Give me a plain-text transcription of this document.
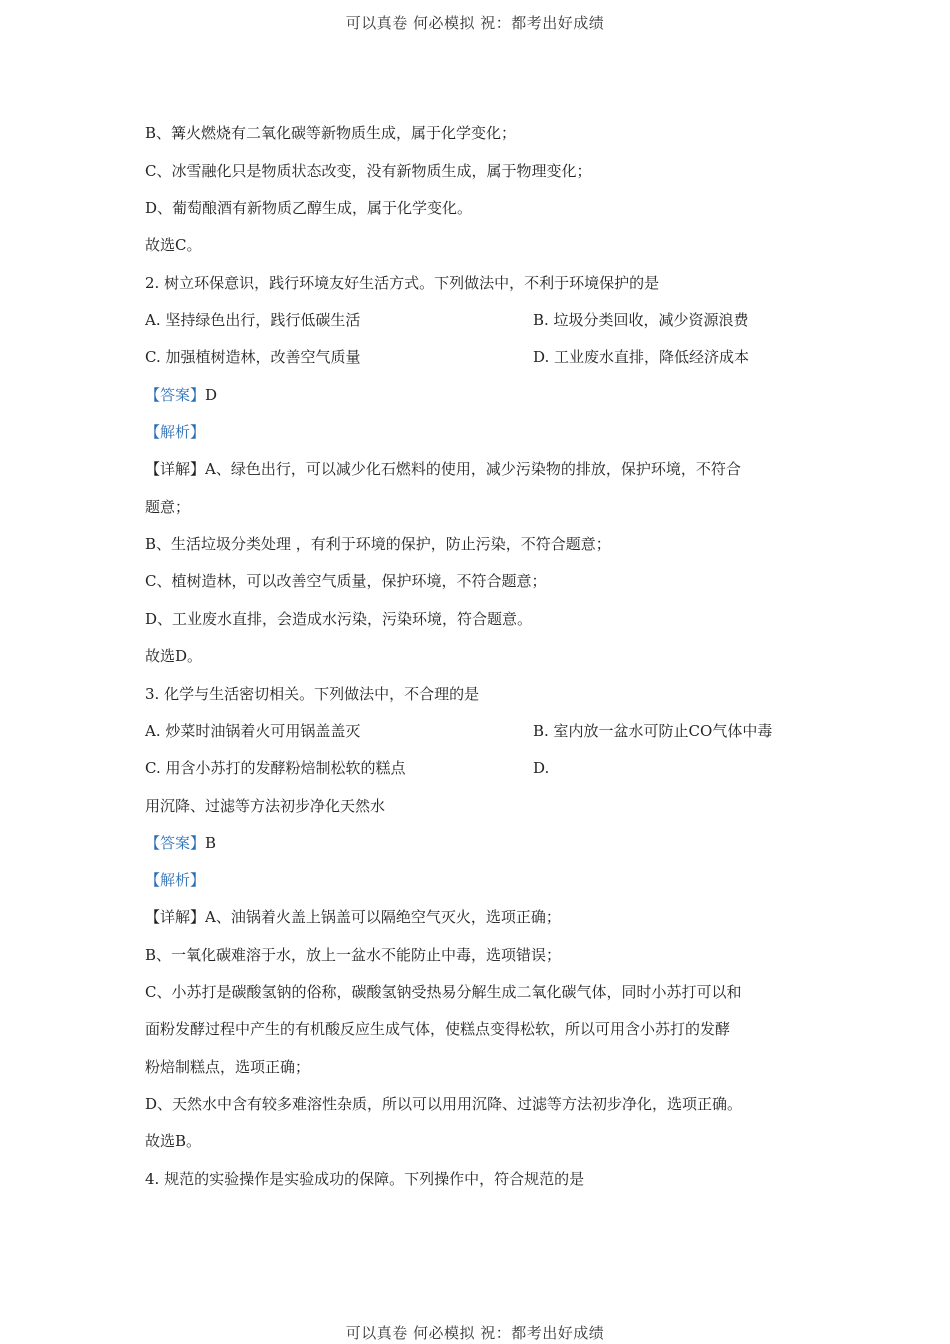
可以真卷 何必模拟 祝：都考出好成绩
B、篝火燃烧有二氧化碳等新物质生成，属于化学变化；
C、冰雪融化只是物质状态改变，没有新物质生成，属于物理变化；
D、葡萄酿酒有新物质乙醇生成，属于化学变化。
故选C。
2. 树立环保意识，践行环境友好生活方式。下列做法中，不利于环境保护的是
A. 坚持绿色出行，践行低碳生活	B. 垃圾分类回收，减少资源浪费
C. 加强植树造林，改善空气质量	D. 工业废水直排，降低经济成本
【答案】D
【解析】
【详解】A、绿色出行，可以减少化石燃料的使用，减少污染物的排放，保护环境，不符合
题意；
B、生活垃圾分类处理 ，有利于环境的保护，防止污染，不符合题意；
C、植树造林，可以改善空气质量，保护环境，不符合题意；
D、工业废水直排，会造成水污染，污染环境，符合题意。
故选D。
3. 化学与生活密切相关。下列做法中，不合理的是
A. 炒菜时油锅着火可用锅盖盖灭	B. 室内放一盆水可防止CO气体中毒
C. 用含小苏打的发酵粉焙制松软的糕点	D.
用沉降、过滤等方法初步净化天然水
【答案】B
【解析】
【详解】A、油锅着火盖上锅盖可以隔绝空气灭火，选项正确；
B、一氧化碳难溶于水，放上一盆水不能防止中毒，选项错误；
C、小苏打是碳酸氢钠的俗称，碳酸氢钠受热易分解生成二氧化碳气体，同时小苏打可以和
面粉发酵过程中产生的有机酸反应生成气体，使糕点变得松软，所以可用含小苏打的发酵
粉焙制糕点，选项正确；
D、天然水中含有较多难溶性杂质，所以可以用用沉降、过滤等方法初步净化，选项正确。
故选B。
4. 规范的实验操作是实验成功的保障。下列操作中，符合规范的是
可以真卷 何必模拟 祝：都考出好成绩
